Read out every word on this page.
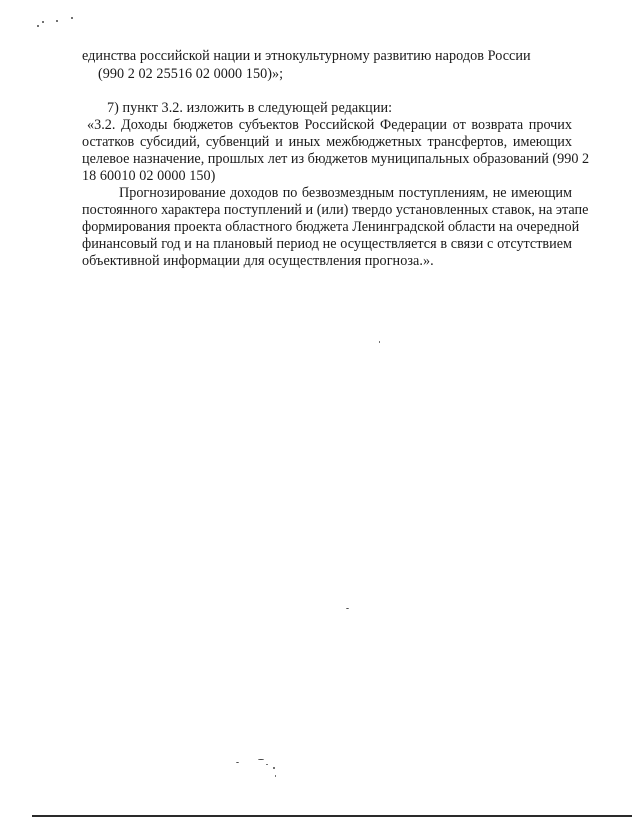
единства российской нации и этнокультурному развитию народов России
(990 2 02 25516 02 0000 150)»;
7) пункт 3.2. изложить в следующей редакции:
«3.2. Доходы бюджетов субъектов Российской Федерации от возврата прочих
остатков субсидий, субвенций и иных межбюджетных трансфертов, имеющих
целевое назначение, прошлых лет из бюджетов муниципальных образований (990 2
18 60010 02 0000 150)
Прогнозирование доходов по безвозмездным поступлениям, не имеющим
постоянного характера поступлений и (или) твердо установленных ставок, на этапе
формирования проекта областного бюджета Ленинградской области на очередной
финансовый год и на плановый период не осуществляется в связи с отсутствием
объективной информации для осуществления прогноза.».
